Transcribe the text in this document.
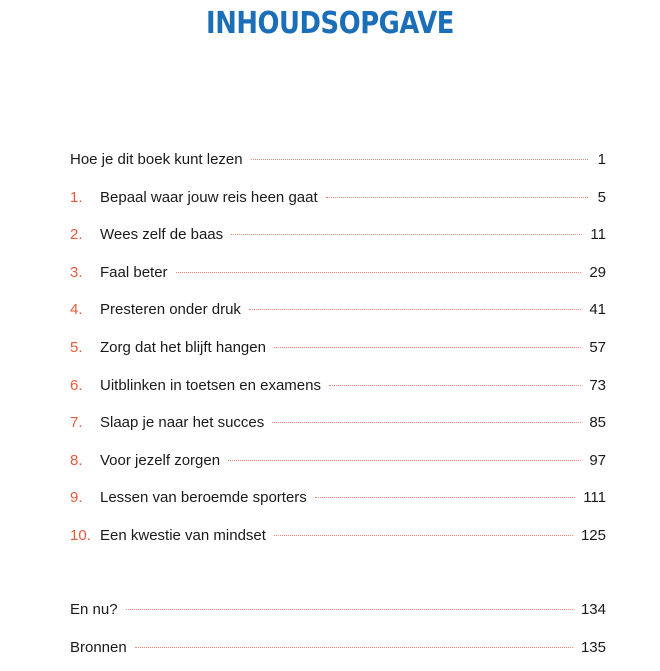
INHOUDSOPGAVE
Hoe je dit boek kunt lezen	1
1.	Bepaal waar jouw reis heen gaat	5
2.	Wees zelf de baas	11
3.	Faal beter	29
4.	Presteren onder druk	41
5.	Zorg dat het blijft hangen	57
6.	Uitblinken in toetsen en examens	73
7.	Slaap je naar het succes	85
8.	Voor jezelf zorgen	97
9.	Lessen van beroemde sporters	111
10. Een kwestie van mindset	125
En nu?	134
Bronnen	135
